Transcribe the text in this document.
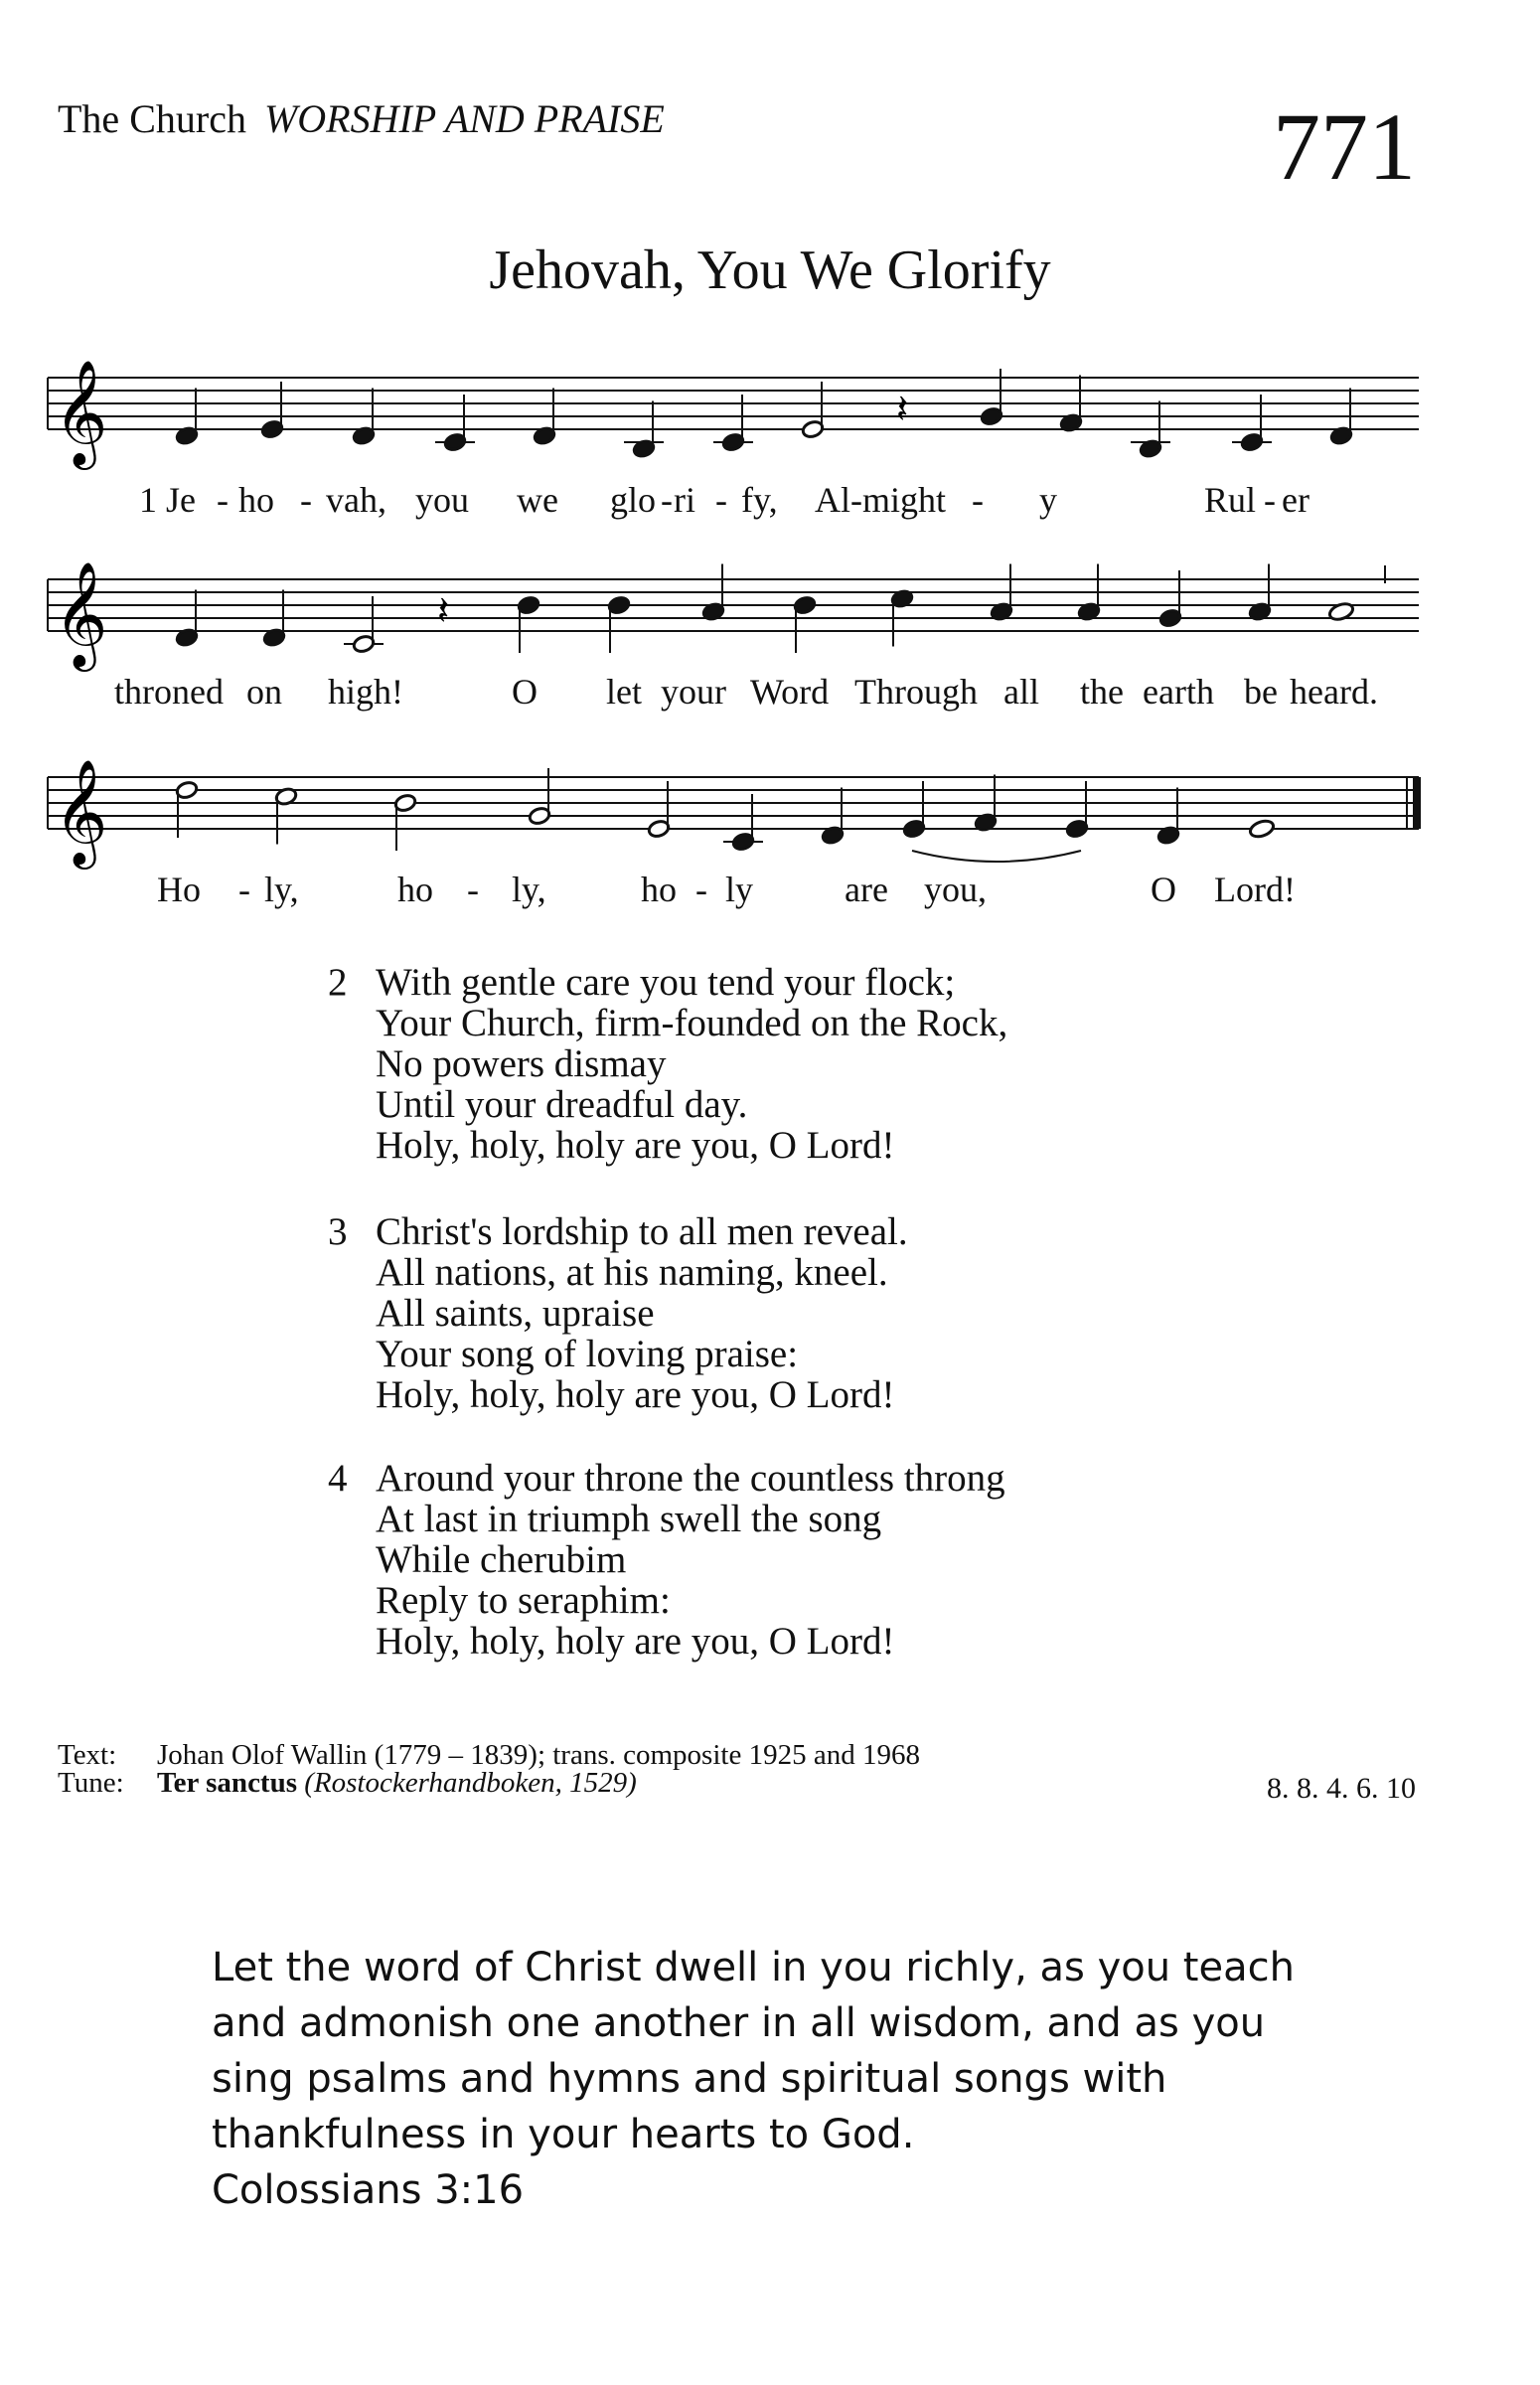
The Church WORSHIP AND PRAISE	771
Jehovah, You We Glorify
𝄞	𝄽
𝄞	𝄽
𝄞
1 Je - ho - vah, you we glo - ri - fy, Al-might - y	Rul - er
throned on high!	O let your Word Through all the earth be heard.
Ho - ly,	ho - ly,	ho - ly	are you,	O Lord!
2 With gentle care you tend your flock;
Your Church, firm-founded on the Rock,
No powers dismay
Until your dreadful day.
Holy, holy, holy are you, O Lord!
3 Christ's lordship to all men reveal.
All nations, at his naming, kneel.
All saints, upraise
Your song of loving praise:
Holy, holy, holy are you, O Lord!
4 Around your throne the countless throng
At last in triumph swell the song
While cherubim
Reply to seraphim:
Holy, holy, holy are you, O Lord!
Text: Johan Olof Wallin (1779 – 1839); trans. composite 1925 and 1968
Tune: Ter sanctus (Rostockerhandboken, 1529)	8. 8. 4. 6. 10
Let the word of Christ dwell in you richly, as you teach and admonish one another in all wisdom, and as you sing psalms and hymns and spiritual songs with thankfulness in your hearts to God.
Colossians 3:16
